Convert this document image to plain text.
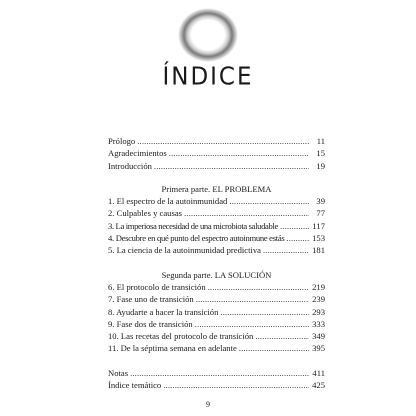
ÍNDICE
Prólogo . . .	11
Agradecimientos . . .	15
Introducción . . .	19
Primera parte. EL PROBLEMA
1. El espectro de la autoinmunidad . . .	39
2. Culpables y causas . . .	77
3. La imperiosa necesidad de una microbiota saludable . . .	117
4. Descubre en qué punto del espectro autoinmune estás . . .	153
5. La ciencia de la autoinmunidad predictiva . . .	181
Segunda parte. LA SOLUCIÓN
6. El protocolo de transición . . .	219
7. Fase uno de transición . . .	239
8. Ayudarte a hacer la transición . . .	293
9. Fase dos de transición . . .	333
10. Las recetas del protocolo de transición . . .	349
11. De la séptima semana en adelante . . .	395
Notas . . .	411
Índice temático . . .	425
9
